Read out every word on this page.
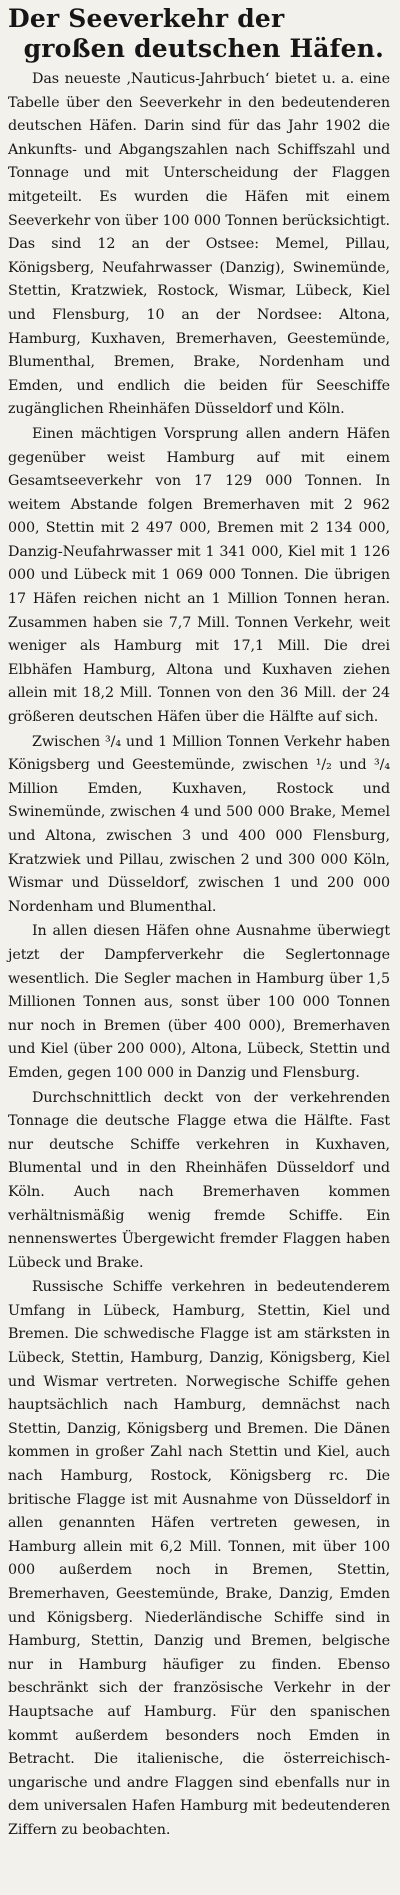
Der Seeverkehr der
großen deutschen Häfen.

Das neueste ‚Nauticus-Jahrbuch‘ bietet u. a. eine Tabelle über den Seeverkehr in den bedeutenderen deutschen Häfen. Darin sind für das Jahr 1902 die Ankunfts- und Abgangszahlen nach Schiffszahl und Tonnage und mit Unterscheidung der Flaggen mitgeteilt. Es wurden die Häfen mit einem Seeverkehr von über 100 000 Tonnen berücksichtigt. Das sind 12 an der Ostsee: Memel, Pillau, Königsberg, Neufahrwasser (Danzig), Swinemünde, Stettin, Kratzwiek, Rostock, Wismar, Lübeck, Kiel und Flensburg, 10 an der Nordsee: Altona, Hamburg, Kuxhaven, Bremerhaven, Geestemünde, Blumenthal, Bremen, Brake, Nordenham und Emden, und endlich die beiden für Seeschiffe zugänglichen Rheinhäfen Düsseldorf und Köln.

Einen mächtigen Vorsprung allen andern Häfen gegenüber weist Hamburg auf mit einem Gesamtseeverkehr von 17 129 000 Tonnen. In weitem Abstande folgen Bremerhaven mit 2 962 000, Stettin mit 2 497 000, Bremen mit 2 134 000, Danzig-Neufahrwasser mit 1 341 000, Kiel mit 1 126 000 und Lübeck mit 1 069 000 Tonnen. Die übrigen 17 Häfen reichen nicht an 1 Million Tonnen heran. Zusammen haben sie 7,7 Mill. Tonnen Verkehr, weit weniger als Hamburg mit 17,1 Mill. Die drei Elbhäfen Hamburg, Altona und Kuxhaven ziehen allein mit 18,2 Mill. Tonnen von den 36 Mill. der 24 größeren deutschen Häfen über die Hälfte auf sich.

Zwischen ³/₄ und 1 Million Tonnen Verkehr haben Königsberg und Geestemünde, zwischen ¹/₂ und ³/₄ Million Emden, Kuxhaven, Rostock und Swinemünde, zwischen 4 und 500 000 Brake, Memel und Altona, zwischen 3 und 400 000 Flensburg, Kratzwiek und Pillau, zwischen 2 und 300 000 Köln, Wismar und Düsseldorf, zwischen 1 und 200 000 Nordenham und Blumenthal.

In allen diesen Häfen ohne Ausnahme überwiegt jetzt der Dampferverkehr die Seglertonnage wesentlich. Die Segler machen in Hamburg über 1,5 Millionen Tonnen aus, sonst über 100 000 Tonnen nur noch in Bremen (über 400 000), Bremerhaven und Kiel (über 200 000), Altona, Lübeck, Stettin und Emden, gegen 100 000 in Danzig und Flensburg.

Durchschnittlich deckt von der verkehrenden Tonnage die deutsche Flagge etwa die Hälfte. Fast nur deutsche Schiffe verkehren in Kuxhaven, Blumental und in den Rheinhäfen Düsseldorf und Köln. Auch nach Bremerhaven kommen verhältnismäßig wenig fremde Schiffe. Ein nennenswertes Übergewicht fremder Flaggen haben Lübeck und Brake.

Russische Schiffe verkehren in bedeutenderem Umfang in Lübeck, Hamburg, Stettin, Kiel und Bremen. Die schwedische Flagge ist am stärksten in Lübeck, Stettin, Hamburg, Danzig, Königsberg, Kiel und Wismar vertreten. Norwegische Schiffe gehen hauptsächlich nach Hamburg, demnächst nach Stettin, Danzig, Königsberg und Bremen. Die Dänen kommen in großer Zahl nach Stettin und Kiel, auch nach Hamburg, Rostock, Königsberg rc. Die britische Flagge ist mit Ausnahme von Düsseldorf in allen genannten Häfen vertreten gewesen, in Hamburg allein mit 6,2 Mill. Tonnen, mit über 100 000 außerdem noch in Bremen, Stettin, Bremerhaven, Geestemünde, Brake, Danzig, Emden und Königsberg. Niederländische Schiffe sind in Hamburg, Stettin, Danzig und Bremen, belgische nur in Hamburg häufiger zu finden. Ebenso beschränkt sich der französische Verkehr in der Hauptsache auf Hamburg. Für den spanischen kommt außerdem besonders noch Emden in Betracht. Die italienische, die österreichisch-ungarische und andre Flaggen sind ebenfalls nur in dem universalen Hafen Hamburg mit bedeutenderen Ziffern zu beobachten.
